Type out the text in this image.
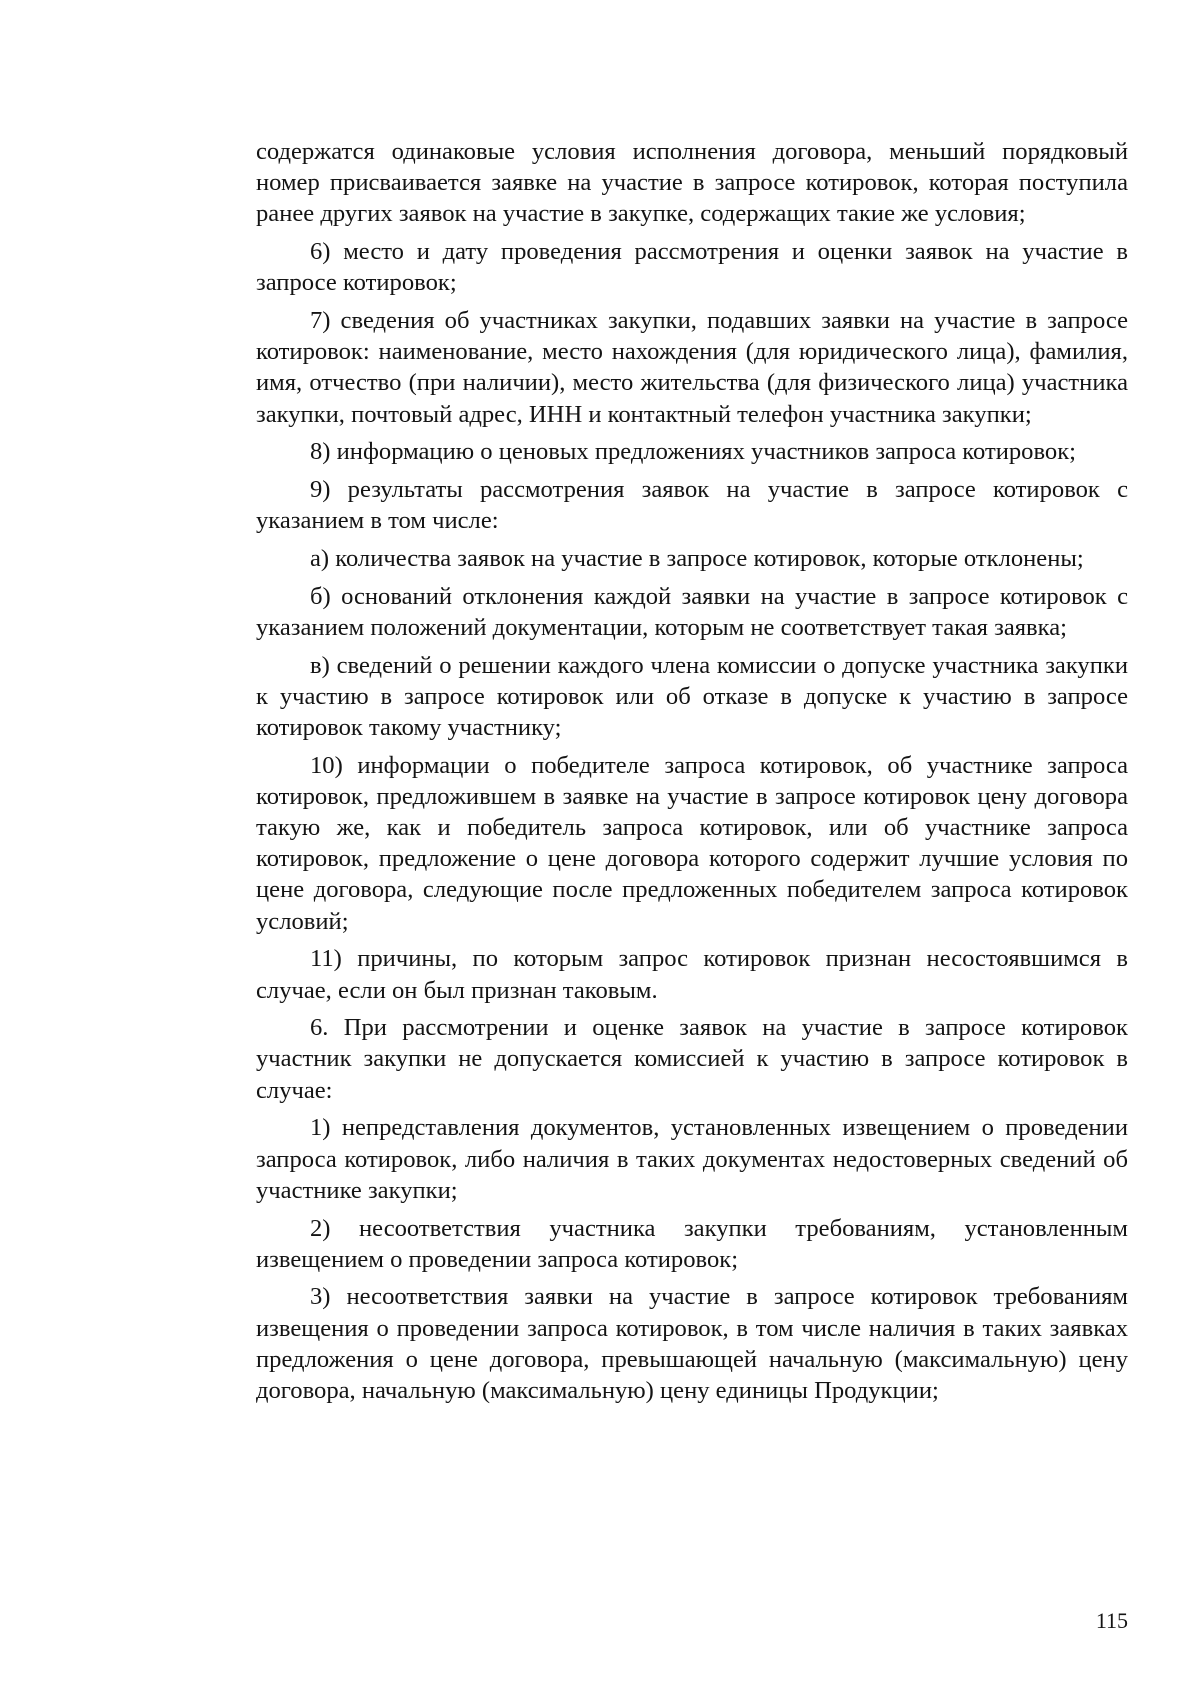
содержатся одинаковые условия исполнения договора, меньший порядковый номер присваивается заявке на участие в запросе котировок, которая поступила ранее других заявок на участие в закупке, содержащих такие же условия;

6) место и дату проведения рассмотрения и оценки заявок на участие в запросе котировок;

7) сведения об участниках закупки, подавших заявки на участие в запросе котировок: наименование, место нахождения (для юридического лица), фамилия, имя, отчество (при наличии), место жительства (для физического лица) участника закупки, почтовый адрес, ИНН и контактный телефон участника закупки;

8) информацию о ценовых предложениях участников запроса котировок;

9) результаты рассмотрения заявок на участие в запросе котировок с указанием в том числе:

а) количества заявок на участие в запросе котировок, которые отклонены;

б) оснований отклонения каждой заявки на участие в запросе котировок с указанием положений документации, которым не соответствует такая заявка;

в) сведений о решении каждого члена комиссии о допуске участника закупки к участию в запросе котировок или об отказе в допуске к участию в запросе котировок такому участнику;

10) информации о победителе запроса котировок, об участнике запроса котировок, предложившем в заявке на участие в запросе котировок цену договора такую же, как и победитель запроса котировок, или об участнике запроса котировок, предложение о цене договора которого содержит лучшие условия по цене договора, следующие после предложенных победителем запроса котировок условий;

11) причины, по которым запрос котировок признан несостоявшимся в случае, если он был признан таковым.

6. При рассмотрении и оценке заявок на участие в запросе котировок участник закупки не допускается комиссией к участию в запросе котировок в случае:

1) непредставления документов, установленных извещением о проведении запроса котировок, либо наличия в таких документах недостоверных сведений об участнике закупки;

2) несоответствия участника закупки требованиям, установленным извещением о проведении запроса котировок;

3) несоответствия заявки на участие в запросе котировок требованиям извещения о проведении запроса котировок, в том числе наличия в таких заявках предложения о цене договора, превышающей начальную (максимальную) цену договора, начальную (максимальную) цену единицы Продукции;

115
